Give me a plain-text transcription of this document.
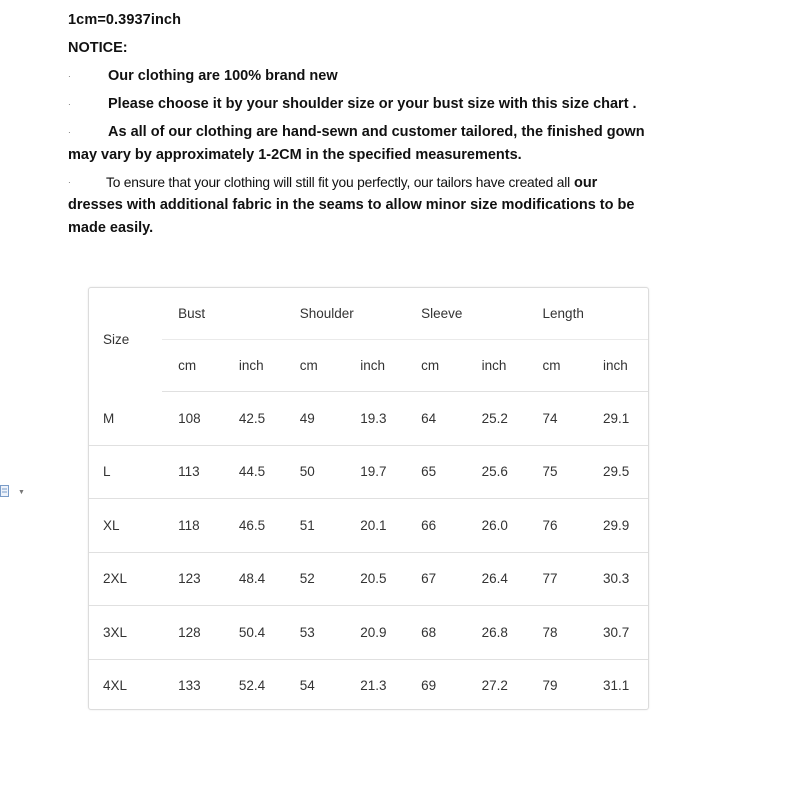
1cm=0.3937inch
NOTICE:
·	Our clothing are 100% brand new
·	Please choose it by your shoulder size or your bust size with this size chart .
·	As all of our clothing are hand-sewn and customer tailored, the finished gown
may vary by approximately 1-2CM in the specified measurements.
·	To ensure that your clothing will still fit you perfectly, our tailors have created all our
dresses with additional fabric in the seams to allow minor size modifications to be
made easily.
▼
Size	Bust		Shoulder		Sleeve		Length	
	cm	inch	cm	inch	cm	inch	cm	inch
M	108	42.5	49	19.3	64	25.2	74	29.1
L	113	44.5	50	19.7	65	25.6	75	29.5
XL	118	46.5	51	20.1	66	26.0	76	29.9
2XL	123	48.4	52	20.5	67	26.4	77	30.3
3XL	128	50.4	53	20.9	68	26.8	78	30.7
4XL	133	52.4	54	21.3	69	27.2	79	31.1
